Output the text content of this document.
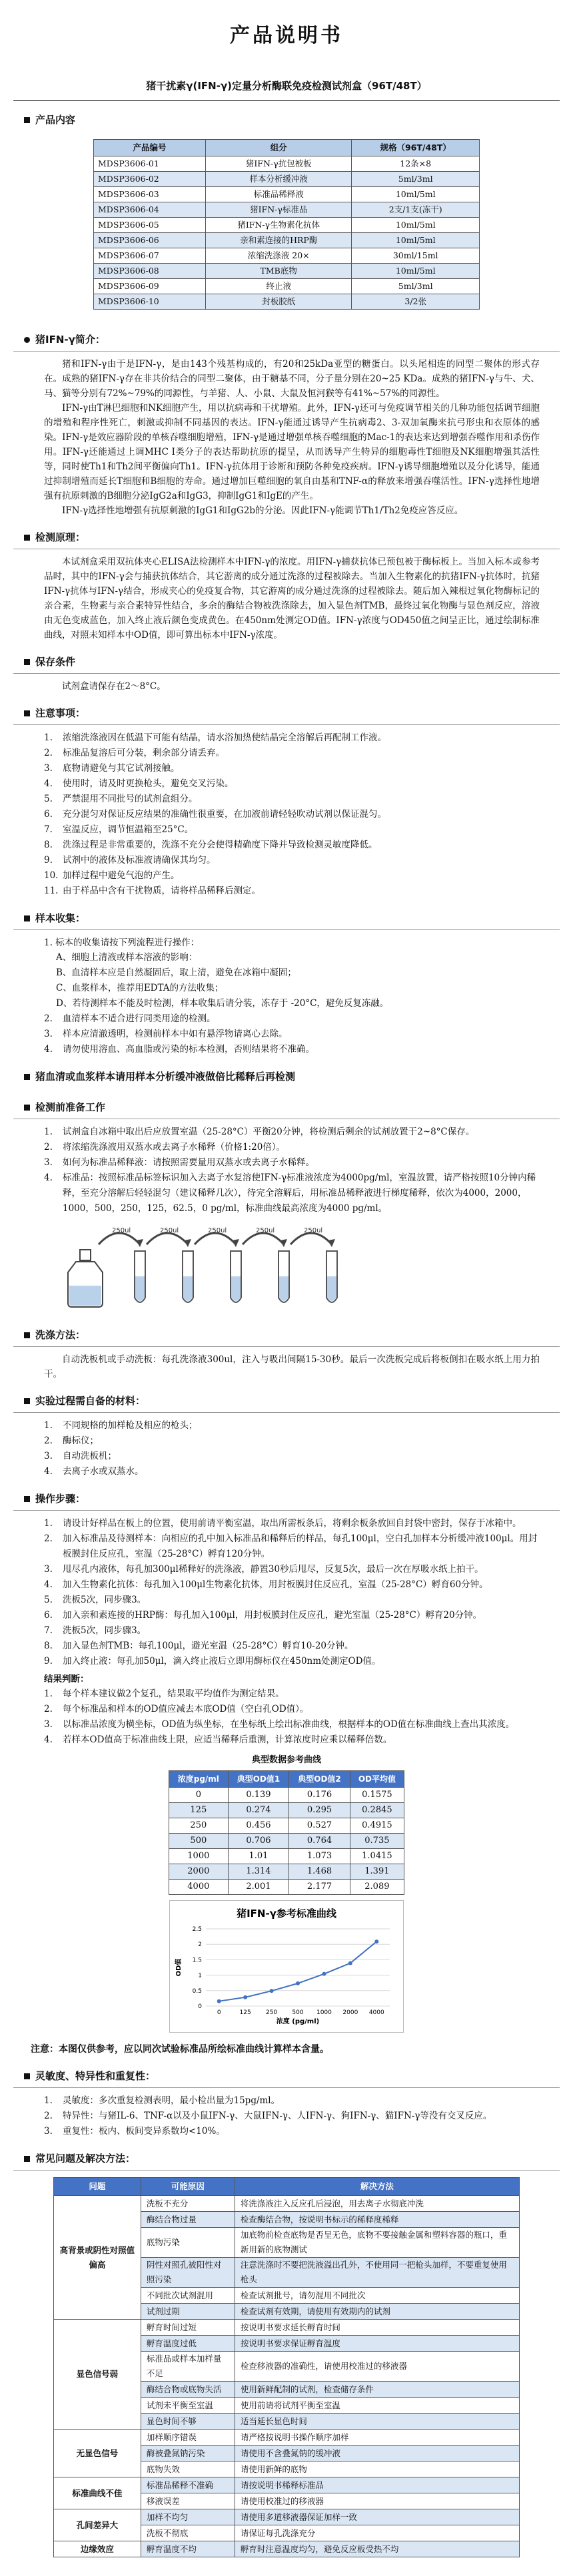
产品说明书
猪干扰素γ(IFN-γ)定量分析酶联免疫检测试剂盒（96T/48T）
产品内容
产品编号	组分	规格（96T/48T）
MDSP3606-01	猪IFN-γ抗包被板	12条×8
MDSP3606-02	样本分析缓冲液	5ml/3ml
MDSP3606-03	标准品稀释液	10ml/5ml
MDSP3606-04	猪IFN-γ标准品	2支/1支(冻干)
MDSP3606-05	猪IFN-γ生物素化抗体	10ml/5ml
MDSP3606-06	亲和素连接的HRP酶	10ml/5ml
MDSP3606-07	浓缩洗涤液 20×	30ml/15ml
MDSP3606-08	TMB底物	10ml/5ml
MDSP3606-09	终止液	5ml/3ml
MDSP3606-10	封板胶纸	3/2张
猪IFN-γ简介：

猪和IFN-γ由于是IFN-γ，是由143个残基构成的，有20和25kDa亚型的糖蛋白。以头尾相连的同型二聚体的形式存在。成熟的猪IFN-γ存在非共价结合的同型二聚体，由于糖基不同，分子量分别在20~25 KDa。成熟的猪IFN-γ与牛、犬、马、猫等分别有72%~79%的同源性，与羊猪、人、小鼠、大鼠及恒河猴等有41%~57%的同源性。

IFN-γ由T淋巴细胞和NK细胞产生，用以抗病毒和干扰增殖。此外，IFN-γ还可与免疫调节相关的几种功能包括调节细胞的增殖和程序性死亡，刺激或抑制不同基因的表达。IFN-γ能通过诱导产生抗病毒2、3-双加氧酶来抗弓形虫和衣原体的感染。IFN-γ是效应器阶段的单核吞噬细胞增殖，IFN-γ是通过增强单核吞噬细胞的Mac-1的表达来达到增强吞噬作用和杀伤作用。IFN-γ还能通过上调MHC I类分子的表达帮助抗原的提呈，从而诱导产生特异的细胞毒性T细胞及NK细胞增强其活性等，同时使Th1和Th2间平衡偏向Th1。IFN-γ抗体用于诊断和预防各种免疫疾病。IFN-γ诱导细胞增殖以及分化诱导，能通过抑制增殖而延长T细胞和B细胞的寿命。通过增加巨噬细胞的氧自由基和TNF-α的释放来增强吞噬活性。IFN-γ选择性地增强有抗原刺激的B细胞分泌IgG2a和IgG3，抑制IgG1和IgE的产生。

IFN-γ选择性地增强有抗原刺激的IgG1和IgG2b的分泌。因此IFN-γ能调节Th1/Th2免疫应答反应。

检测原理：

本试剂盒采用双抗体夹心ELISA法检测样本中IFN-γ的浓度。用IFN-γ捕获抗体已预包被于酶标板上。当加入标本或参考品时，其中的IFN-γ会与捕获抗体结合，其它游离的成分通过洗涤的过程被除去。当加入生物素化的抗猪IFN-γ抗体时，抗猪IFN-γ抗体与IFN-γ结合，形成夹心的免疫复合物，其它游离的成分通过洗涤的过程被除去。随后加入辣根过氧化物酶标记的亲合素，生物素与亲合素特异性结合，多余的酶结合物被洗涤除去，加入显色剂TMB，最终过氧化物酶与显色剂反应，溶液由无色变成蓝色，加入终止液后颜色变成黄色。在450nm处测定OD值。IFN-γ浓度与OD450值之间呈正比，通过绘制标准曲线，对照未知样本中OD值，即可算出标本中IFN-γ浓度。

保存条件

试剂盒请保存在2～8°C。

注意事项：
1.	浓缩洗涤液因在低温下可能有结晶，请水浴加热使结晶完全溶解后再配制工作液。
2.	标准品复溶后可分装，剩余部分请丢弃。
3.	底物请避免与其它试剂接触。
4.	使用时，请及时更换枪头，避免交叉污染。
5.	严禁混用不同批号的试剂盒组分。
6.	充分混匀对保证反应结果的准确性很重要，在加液前请轻轻吹动试剂以保证混匀。
7.	室温反应，调节恒温箱至25°C。
8.	洗涤过程是非常重要的，洗涤不充分会使得精确度下降并导致检测灵敏度降低。
9.	试剂中的液体及标准液请确保其均匀。
10. 加样过程中避免气泡的产生。
11. 由于样品中含有干扰物质，请将样品稀释后测定。
样本收集：
1. 标本的收集请按下列流程进行操作：
A、细胞上清液或样本溶液的影响：
B、血清样本应是自然凝固后，取上清，避免在冰箱中凝固；
C、血浆样本，推荐用EDTA的方法收集；
D、若待测样本不能及时检测，样本收集后请分装，冻存于 -20°C，避免反复冻融。
2.	血清样本不适合进行同类用途的检测。
3.	样本应清澈透明，检测前样本中如有悬浮物请离心去除。
4.	请勿使用溶血、高血脂或污染的标本检测，否则结果将不准确。
猪血清或血浆样本请用样本分析缓冲液做倍比稀释后再检测
检测前准备工作
1.	试剂盒自冰箱中取出后应放置室温（25-28°C）平衡20分钟，将检测后剩余的试剂放置于2~8°C保存。
2.	将浓缩洗涤液用双蒸水或去离子水稀释（价格1:20倍）。
3.	如何为标准品稀释液：请按照需要量用双蒸水或去离子水稀释。
4.	标准品：按照标准品标签标识加入去离子水复溶使IFN-γ标准液浓度为4000pg/ml，室温放置，请严格按照10分钟内稀释，至充分溶解后轻轻混匀（建议稀释几次），待完全溶解后，用标准品稀释液进行梯度稀释，依次为4000，2000，1000，500，250，125，62.5，0 pg/ml，标准曲线最高浓度为4000 pg/ml。
250ul	250ul	250ul	250ul	250ul
洗涤方法：

自动洗板机或手动洗板：每孔洗涤液300ul，注入与吸出间隔15-30秒。最后一次洗板完成后将板倒扣在吸水纸上用力拍干。

实验过程需自备的材料：
1.	不同规格的加样枪及相应的枪头；
2.	酶标仪；
3.	自动洗板机；
4.	去离子水或双蒸水。
操作步骤：
1.	请设计好样品在板上的位置，使用前请平衡室温，取出所需板条后，将剩余板条放回自封袋中密封，保存于冰箱中。
2.	加入标准品及待测样本：向相应的孔中加入标准品和稀释后的样品，每孔100μl，空白孔加样本分析缓冲液100μl。用封板膜封住反应孔，室温（25-28°C）孵育120分钟。
3.	甩尽孔内液体，每孔加300μl稀释好的洗涤液，静置30秒后甩尽，反复5次，最后一次在厚吸水纸上拍干。
4.	加入生物素化抗体：每孔加入100μl生物素化抗体，用封板膜封住反应孔，室温（25-28°C）孵育60分钟。
5.	洗板5次，同步骤3。
6.	加入亲和素连接的HRP酶：每孔加入100μl，用封板膜封住反应孔，避光室温（25-28°C）孵育20分钟。
7.	洗板5次，同步骤3。
8.	加入显色剂TMB：每孔100μl，避光室温（25-28°C）孵育10-20分钟。
9.	加入终止液：每孔加50μl，滴入终止液后立即用酶标仪在450nm处测定OD值。
结果判断：
1.	每个样本建议做2个复孔，结果取平均值作为测定结果。
2.	每个标准品和样本的OD值应减去本底OD值（空白孔OD值）。
3.	以标准品浓度为横坐标，OD值为纵坐标，在坐标纸上绘出标准曲线，根据样本的OD值在标准曲线上查出其浓度。
4.	若样本OD值高于标准曲线上限，应适当稀释后重测，计算浓度时应乘以稀释倍数。
典型数据参考曲线
浓度pg/ml	典型OD值1	典型OD值2	OD平均值
0	0.139	0.176	0.1575
125	0.274	0.295	0.2845
250	0.456	0.527	0.4915
500	0.706	0.764	0.735
1000	1.01	1.073	1.0415
2000	1.314	1.468	1.391
4000	2.001	2.177	2.089
猪IFN-γ参考标准曲线
0
0.5
1
1.5
2
2.5
0	125 250 500 1000 2000 4000
OD值
浓度 (pg/ml)
注意：本图仅供参考，应以同次试验标准品所绘标准曲线计算样本含量。
灵敏度、特异性和重复性：
1.	灵敏度：多次重复检测表明，最小检出量为15pg/ml。
2.	特异性：与猪IL-6、TNF-α以及小鼠IFN-γ、大鼠IFN-γ、人IFN-γ、狗IFN-γ、猫IFN-γ等没有交叉反应。
3.	重复性：板内、板间变异系数均<10%。
常见问题及解决方法：
问题	可能原因	解决方法
高背景或阴性对照值偏高	洗板不充分	将洗涤液注入反应孔后浸泡，用去离子水彻底冲洗
	酶结合物过量	检查酶结合物，按说明书标示的稀释度稀释
	底物污染	加底物前检查底物是否呈无色，底物不要接触金属和塑料容器的瓶口，重新用新的底物测试
	阴性对照孔被阳性对照污染	注意洗涤时不要把洗液溢出孔外，不使用同一把枪头加样，不要重复使用枪头
	不同批次试剂混用	检查试剂批号，请勿混用不同批次
	试剂过期	检查试剂有效期，请使用有效期内的试剂
显色信号弱	孵育时间过短	按说明书要求延长孵育时间
	孵育温度过低	按说明书要求保证孵育温度
	标准品或样本加样量不足	检查移液器的准确性，请使用校准过的移液器
	酶结合物或底物失活	使用新鲜配制的试剂，检查储存条件
	试剂未平衡至室温	使用前请将试剂平衡至室温
	显色时间不够	适当延长显色时间
无显色信号	加样顺序错误	请严格按说明书操作顺序加样
	酶被叠氮钠污染	请使用不含叠氮钠的缓冲液
	底物失效	请使用新鲜的底物
标准曲线不佳	标准品稀释不准确	请按说明书稀释标准品
	移液误差	请使用校准过的移液器
孔间差异大	加样不均匀	请使用多道移液器保证加样一致
	洗板不彻底	请保证每孔洗涤充分
边缘效应	孵育温度不均	孵育时注意温度均匀，避免反应板受热不均
